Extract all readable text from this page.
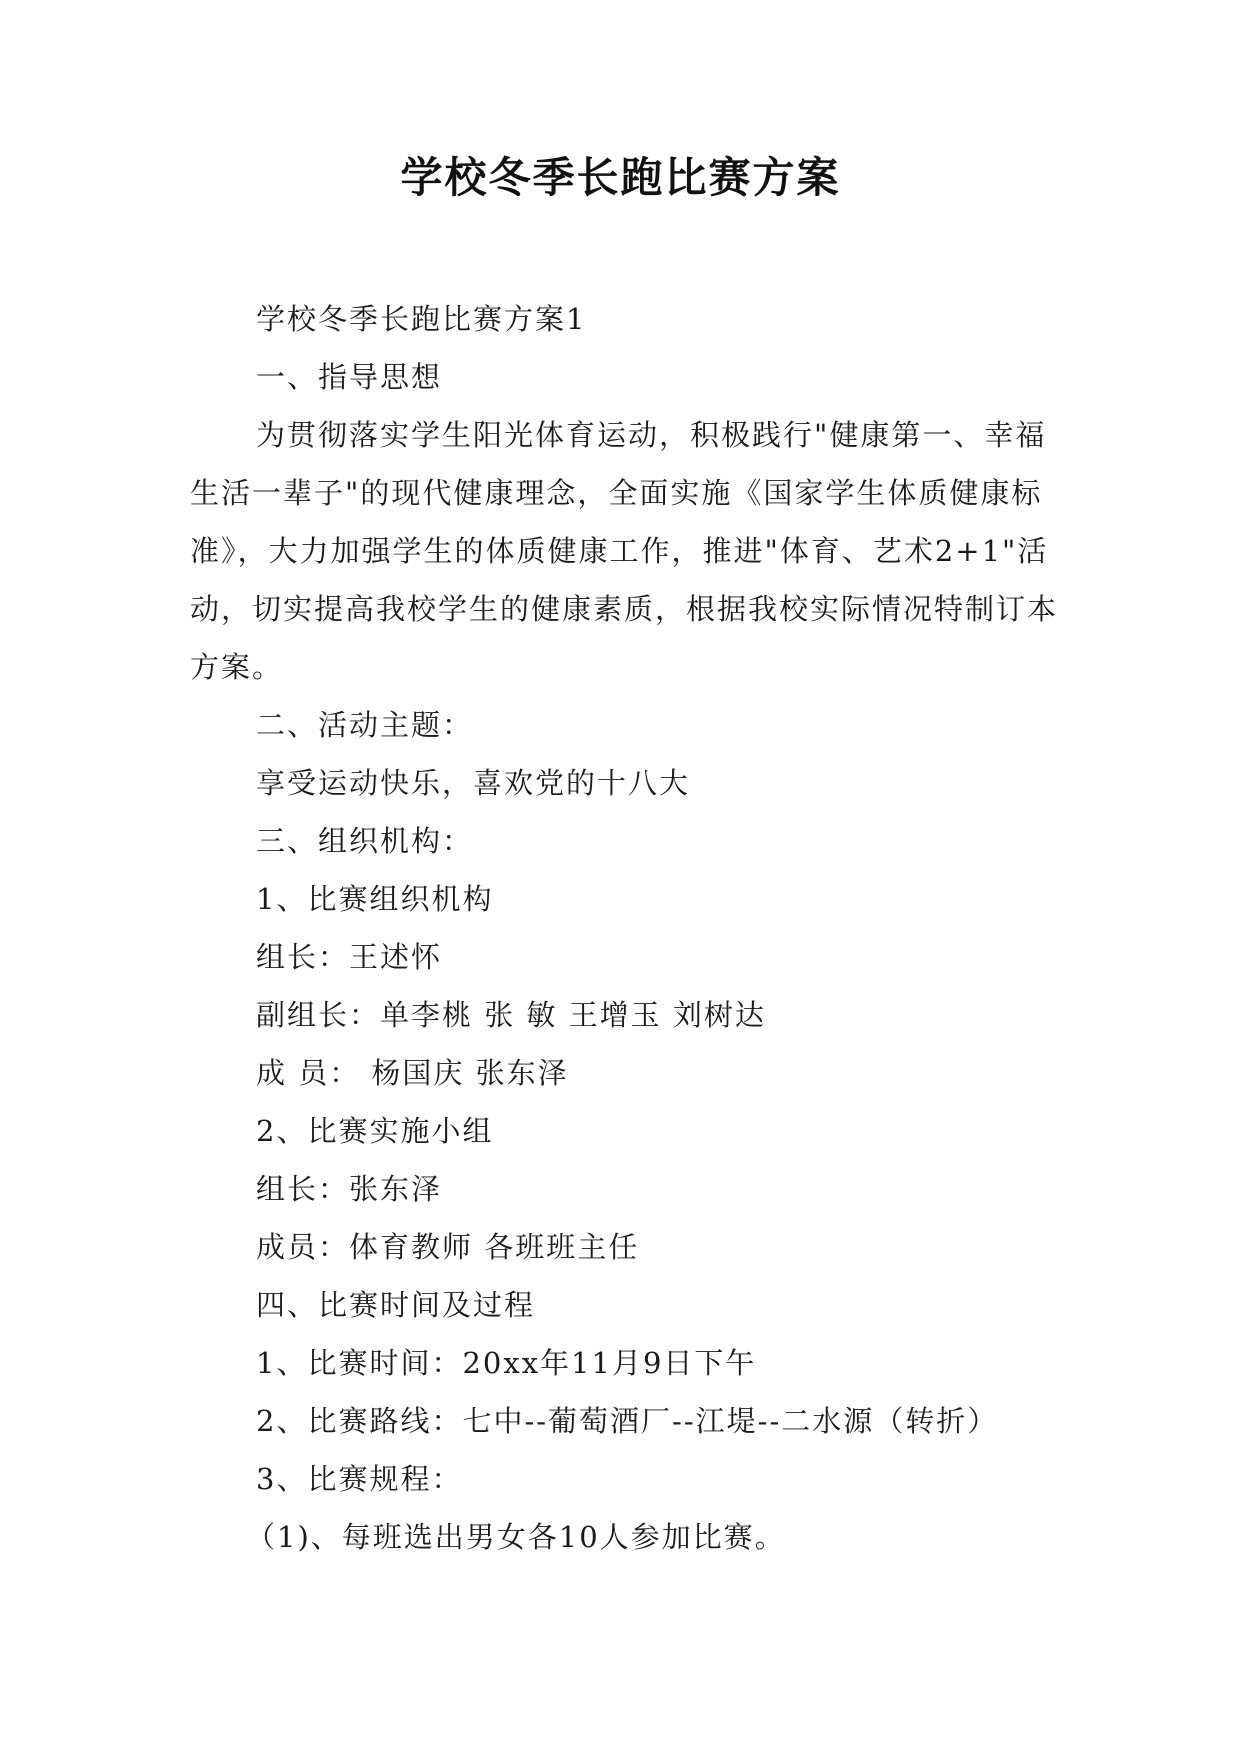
学校冬季长跑比赛方案

学校冬季长跑比赛方案1

一、指导思想

为贯彻落实学生阳光体育运动，积极践行"健康第一、幸福生活一辈子"的现代健康理念，全面实施《国家学生体质健康标准》，大力加强学生的体质健康工作，推进"体育、艺术2+1"活动，切实提高我校学生的健康素质，根据我校实际情况特制订本方案。

二、活动主题：

享受运动快乐，喜欢党的十八大

三、组织机构：

1、比赛组织机构

组长：王述怀

副组长：单李桃 张 敏 王增玉 刘树达

成 员： 杨国庆 张东泽

2、比赛实施小组

组长：张东泽

成员：体育教师 各班班主任

四、比赛时间及过程

1、比赛时间：20xx年11月9日下午

2、比赛路线：七中--葡萄酒厂--江堤--二水源（转折）

3、比赛规程：

（1)、每班选出男女各10人参加比赛。
